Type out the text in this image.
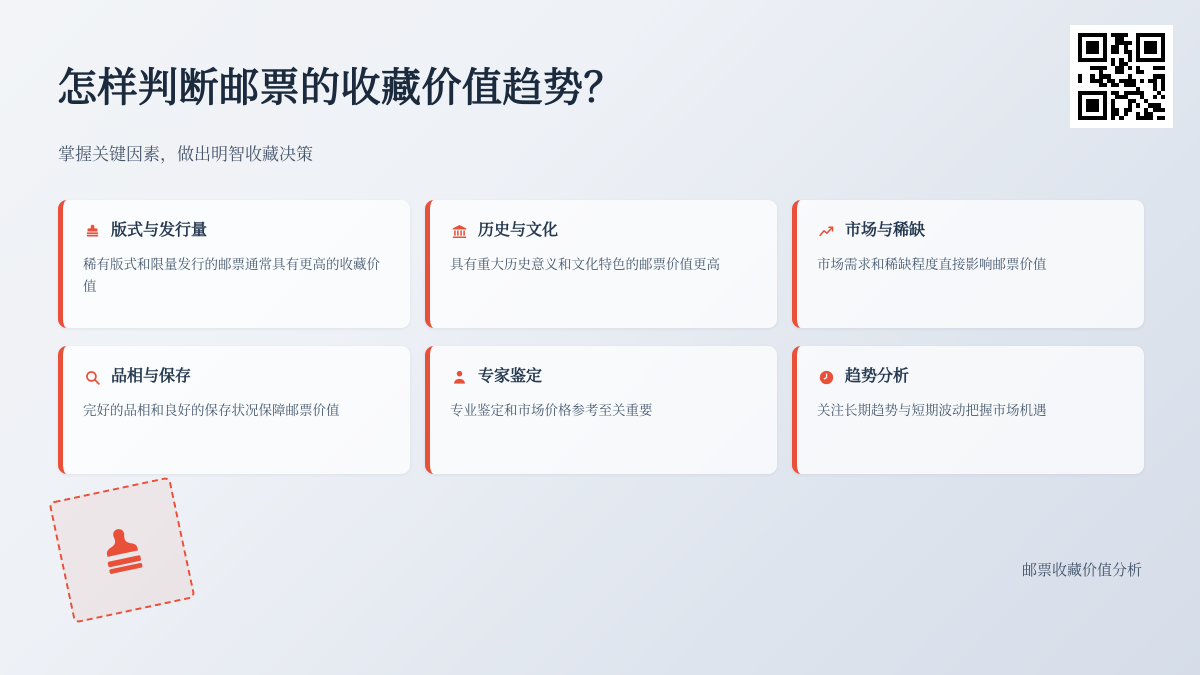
怎样判断邮票的收藏价值趋势？
掌握关键因素，做出明智收藏决策
版式与发行量
稀有版式和限量发行的邮票通常具有更高的收藏价值
历史与文化
具有重大历史意义和文化特色的邮票价值更高
市场与稀缺
市场需求和稀缺程度直接影响邮票价值
品相与保存
完好的品相和良好的保存状况保障邮票价值
专家鉴定
专业鉴定和市场价格参考至关重要
趋势分析
关注长期趋势与短期波动把握市场机遇
邮票收藏价值分析
